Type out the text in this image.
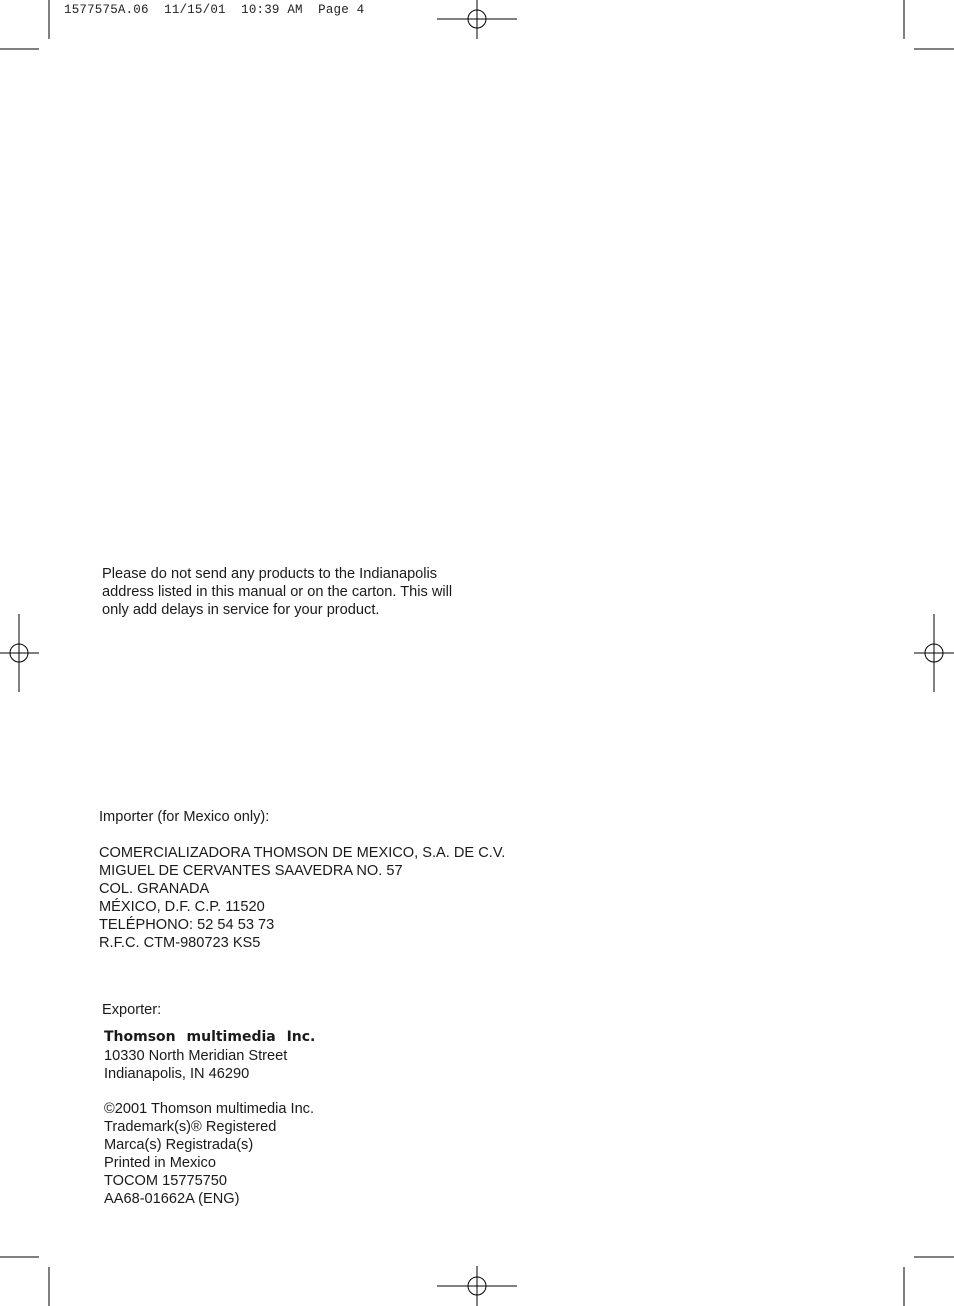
1577575A.06  11/15/01  10:39 AM  Page 4
Please do not send any products to the Indianapolis
address listed in this manual or on the carton. This will
only add delays in service for your product.
Importer (for Mexico only):
COMERCIALIZADORA THOMSON DE MEXICO, S.A. DE C.V.
MIGUEL DE CERVANTES SAAVEDRA NO. 57
COL. GRANADA
MÉXICO, D.F. C.P. 11520
TELÉPHONO: 52 54 53 73
R.F.C. CTM-980723 KS5
Exporter:
Thomson multimedia Inc.
10330 North Meridian Street
Indianapolis, IN 46290
©2001 Thomson multimedia Inc.
Trademark(s)® Registered
Marca(s) Registrada(s)
Printed in Mexico
TOCOM 15775750
AA68-01662A (ENG)
